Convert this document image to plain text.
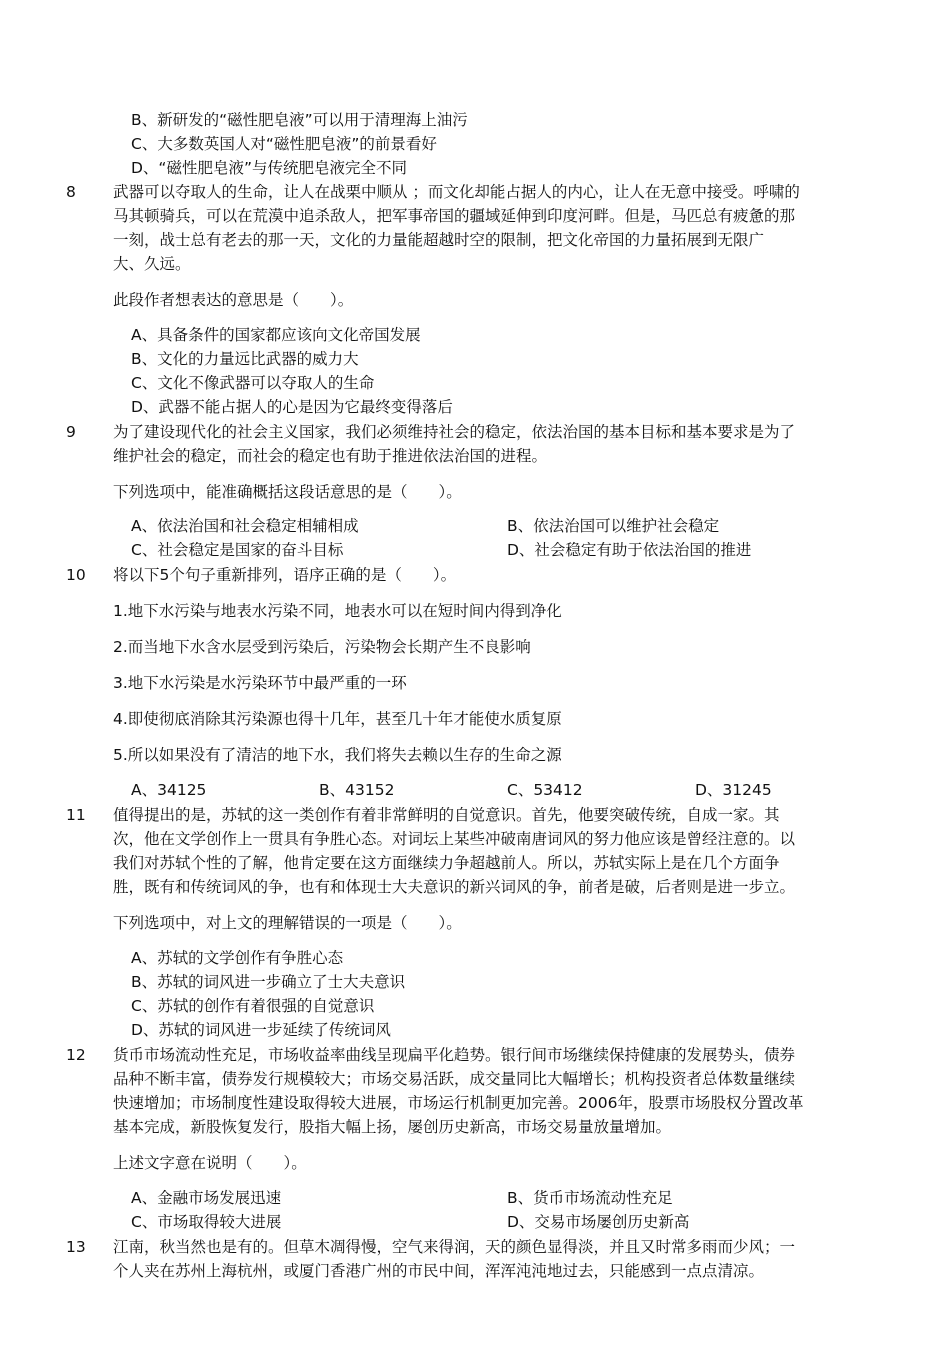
B、新研发的“磁性肥皂液”可以用于清理海上油污
C、大多数英国人对“磁性肥皂液”的前景看好
D、“磁性肥皂液”与传统肥皂液完全不同
8 武器可以夺取人的生命，让人在战栗中顺从 ；而文化却能占据人的内心，让人在无意中接受。呼啸的
马其顿骑兵，可以在荒漠中追杀敌人，把军事帝国的疆域延伸到印度河畔。但是，马匹总有疲惫的那
一刻，战士总有老去的那一天，文化的力量能超越时空的限制，把文化帝国的力量拓展到无限广
大、久远。
此段作者想表达的意思是（　　）。
A、具备条件的国家都应该向文化帝国发展
B、文化的力量远比武器的威力大
C、文化不像武器可以夺取人的生命
D、武器不能占据人的心是因为它最终变得落后
9 为了建设现代化的社会主义国家，我们必须维持社会的稳定，依法治国的基本目标和基本要求是为了
维护社会的稳定，而社会的稳定也有助于推进依法治国的进程。
下列选项中，能准确概括这段话意思的是（　　）。
A、依法治国和社会稳定相辅相成	B、依法治国可以维护社会稳定
C、社会稳定是国家的奋斗目标	D、社会稳定有助于依法治国的推进
10 将以下5个句子重新排列，语序正确的是（　　）。
1.地下水污染与地表水污染不同，地表水可以在短时间内得到净化
2.而当地下水含水层受到污染后，污染物会长期产生不良影响
3.地下水污染是水污染环节中最严重的一环
4.即使彻底消除其污染源也得十几年，甚至几十年才能使水质复原
5.所以如果没有了清洁的地下水，我们将失去赖以生存的生命之源
A、34125	B、43152	C、53412	D、31245
11 值得提出的是，苏轼的这一类创作有着非常鲜明的自觉意识。首先，他要突破传统，自成一家。其
次，他在文学创作上一贯具有争胜心态。对词坛上某些冲破南唐词风的努力他应该是曾经注意的。以
我们对苏轼个性的了解，他肯定要在这方面继续力争超越前人。所以，苏轼实际上是在几个方面争
胜，既有和传统词风的争，也有和体现士大夫意识的新兴词风的争，前者是破，后者则是进一步立。
下列选项中，对上文的理解错误的一项是（　　）。
A、苏轼的文学创作有争胜心态
B、苏轼的词风进一步确立了士大夫意识
C、苏轼的创作有着很强的自觉意识
D、苏轼的词风进一步延续了传统词风
12 货币市场流动性充足，市场收益率曲线呈现扁平化趋势。银行间市场继续保持健康的发展势头，债券
品种不断丰富，债券发行规模较大；市场交易活跃，成交量同比大幅增长；机构投资者总体数量继续
快速增加；市场制度性建设取得较大进展，市场运行机制更加完善。2006年，股票市场股权分置改革
基本完成，新股恢复发行，股指大幅上扬，屡创历史新高，市场交易量放量增加。
上述文字意在说明（　　）。
A、金融市场发展迅速	B、货币市场流动性充足
C、市场取得较大进展	D、交易市场屡创历史新高
13 江南，秋当然也是有的。但草木凋得慢，空气来得润，天的颜色显得淡，并且又时常多雨而少风；一
个人夹在苏州上海杭州，或厦门香港广州的市民中间，浑浑沌沌地过去，只能感到一点点清凉。
